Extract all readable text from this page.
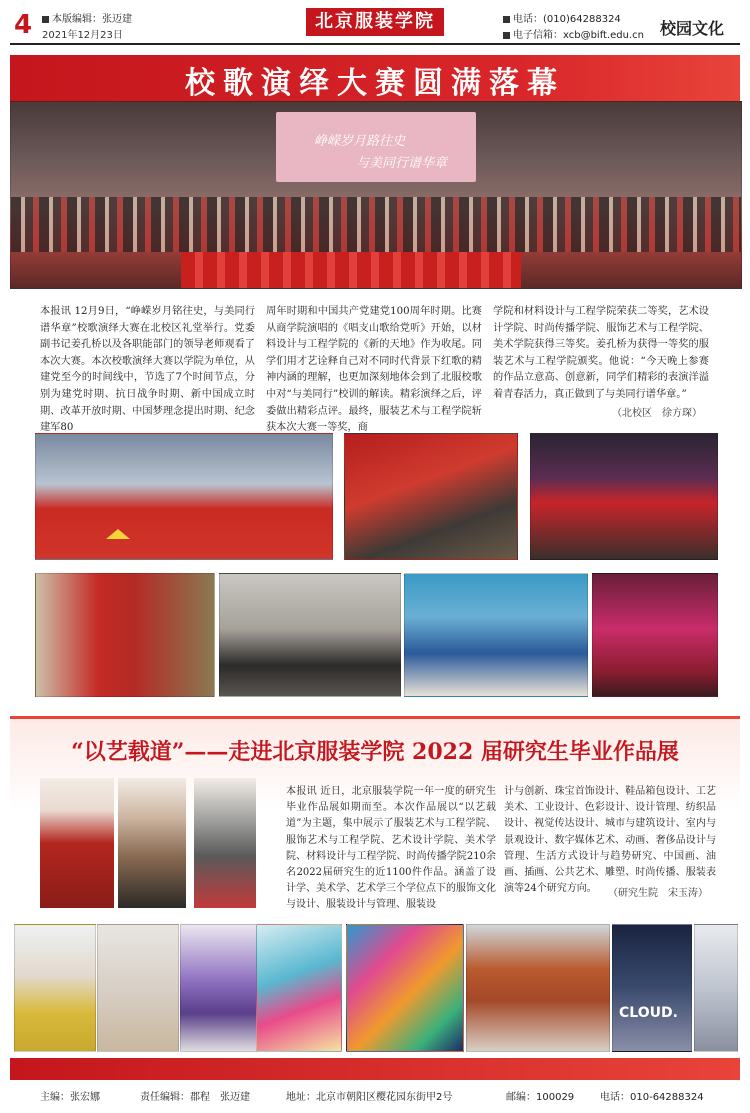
4	本版编辑：张迈建
2021年12月23日
北京服装学院	电话：(010)64288324
电子信箱：xcb@bift.edu.cn 校园文化
校歌演绎大赛圆满落幕
峥嵘岁月路往史
与美同行谱华章
本报讯 12月9日，“峥嵘岁月铭往史，与美同行谱华章”校歌演绎大赛在北校区礼堂举行。党委副书记姜孔桥以及各职能部门的领导老师观看了本次大赛。本次校歌演绎大赛以学院为单位，从建党至今的时间线中，节选了7个时间节点，分别为建党时期、抗日战争时期、新中国成立时期、改革开放时期、中国梦理念提出时期、纪念建军80
周年时期和中国共产党建党100周年时期。比赛从商学院演唱的《唱支山歌给党听》开始，以材料设计与工程学院的《新的天地》作为收尾。同学们用才艺诠释自己对不同时代背景下红歌的精神内涵的理解，也更加深刻地体会到了北服校歌中对“与美同行”校训的解读。精彩演绎之后，评委做出精彩点评。最终，服装艺术与工程学院斩获本次大赛一等奖，商
学院和材料设计与工程学院荣获二等奖，艺术设计学院、时尚传播学院、服饰艺术与工程学院、美术学院获得三等奖。姜孔桥为获得一等奖的服装艺术与工程学院颁奖。他说：“今天晚上参赛的作品立意高、创意新，同学们精彩的表演洋溢着青春活力，真正做到了与美同行谱华章。”
（北校区　徐方琛）
“以艺载道”——走进北京服装学院 2022 届研究生毕业作品展
本报讯 近日，北京服装学院一年一度的研究生毕业作品展如期而至。本次作品展以“以艺载道”为主题，集中展示了服装艺术与工程学院、服饰艺术与工程学院、艺术设计学院、美术学院、材料设计与工程学院、时尚传播学院210余名2022届研究生的近1100件作品。涵盖了设计学、美术学、艺术学三个学位点下的服饰文化与设计、服装设计与管理、服装设
计与创新、珠宝首饰设计、鞋品箱包设计、工艺美术、工业设计、色彩设计、设计管理、纺织品设计、视觉传达设计、城市与建筑设计、室内与景观设计、数字媒体艺术、动画、奢侈品设计与管理、生活方式设计与趋势研究、中国画、油画、插画、公共艺术、雕塑、时尚传播、服装表演等24个研究方向。	（研究生院　宋玉涛）
CLOUD.
主编：张宏娜	责任编辑：郡程　张迈建	地址：北京市朝阳区樱花园东街甲2号	邮编：100029	电话：010-64288324
